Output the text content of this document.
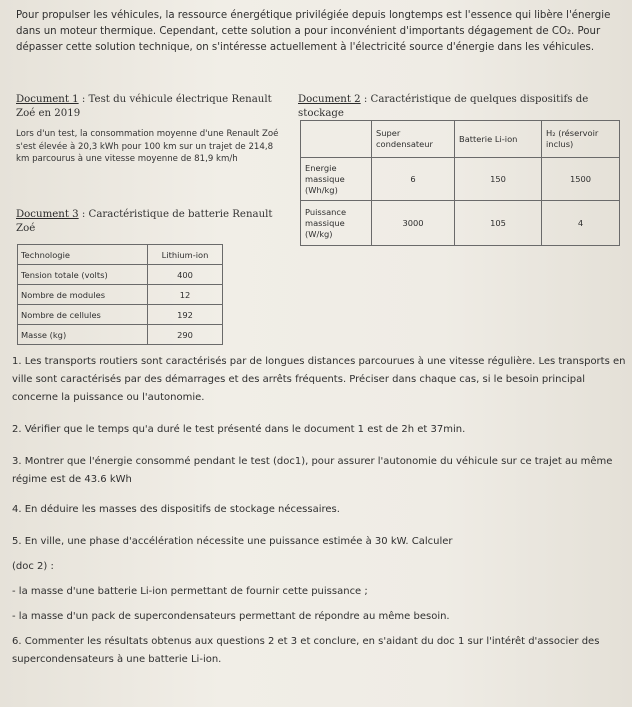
Pour propulser les véhicules, la ressource énergétique privilégiée depuis longtemps est l'essence qui libère l'énergie dans un moteur thermique. Cependant, cette solution a pour inconvénient d'importants dégagement de CO₂. Pour dépasser cette solution technique, on s'intéresse actuellement à l'électricité source d'énergie dans les véhicules.
Document 1 : Test du véhicule électrique Renault Zoé en 2019
Lors d'un test, la consommation moyenne d'une Renault Zoé s'est élevée à 20,3 kWh pour 100 km sur un trajet de 214,8 km parcourus à une vitesse moyenne de 81,9 km/h
Document 3 : Caractéristique de batterie Renault Zoé
Technologie	Lithium-ion
Tension totale (volts)	400
Nombre de modules	12
Nombre de cellules	192
Masse (kg)	290
Document 2 : Caractéristique de quelques dispositifs de stockage
	Super condensateur	Batterie Li-ion	H₂ (réservoir inclus)
Energie massique (Wh/kg)	6	150	1500
Puissance massique (W/kg)	3000	105	4
1. Les transports routiers sont caractérisés par de longues distances parcourues à une vitesse régulière. Les transports en ville sont caractérisés par des démarrages et des arrêts fréquents. Préciser dans chaque cas, si le besoin principal concerne la puissance ou l'autonomie.
2. Vérifier que le temps qu'a duré le test présenté dans le document 1 est de 2h et 37min.
3. Montrer que l'énergie consommé pendant le test (doc1), pour assurer l'autonomie du véhicule sur ce trajet au même régime est de 43.6 kWh
4. En déduire les masses des dispositifs de stockage nécessaires.
5. En ville, une phase d'accélération nécessite une puissance estimée à 30 kW. Calculer
(doc 2) :
- la masse d'une batterie Li-ion permettant de fournir cette puissance ;
- la masse d'un pack de supercondensateurs permettant de répondre au même besoin.
6. Commenter les résultats obtenus aux questions 2 et 3 et conclure, en s'aidant du doc 1 sur l'intérêt d'associer des supercondensateurs à une batterie Li-ion.
